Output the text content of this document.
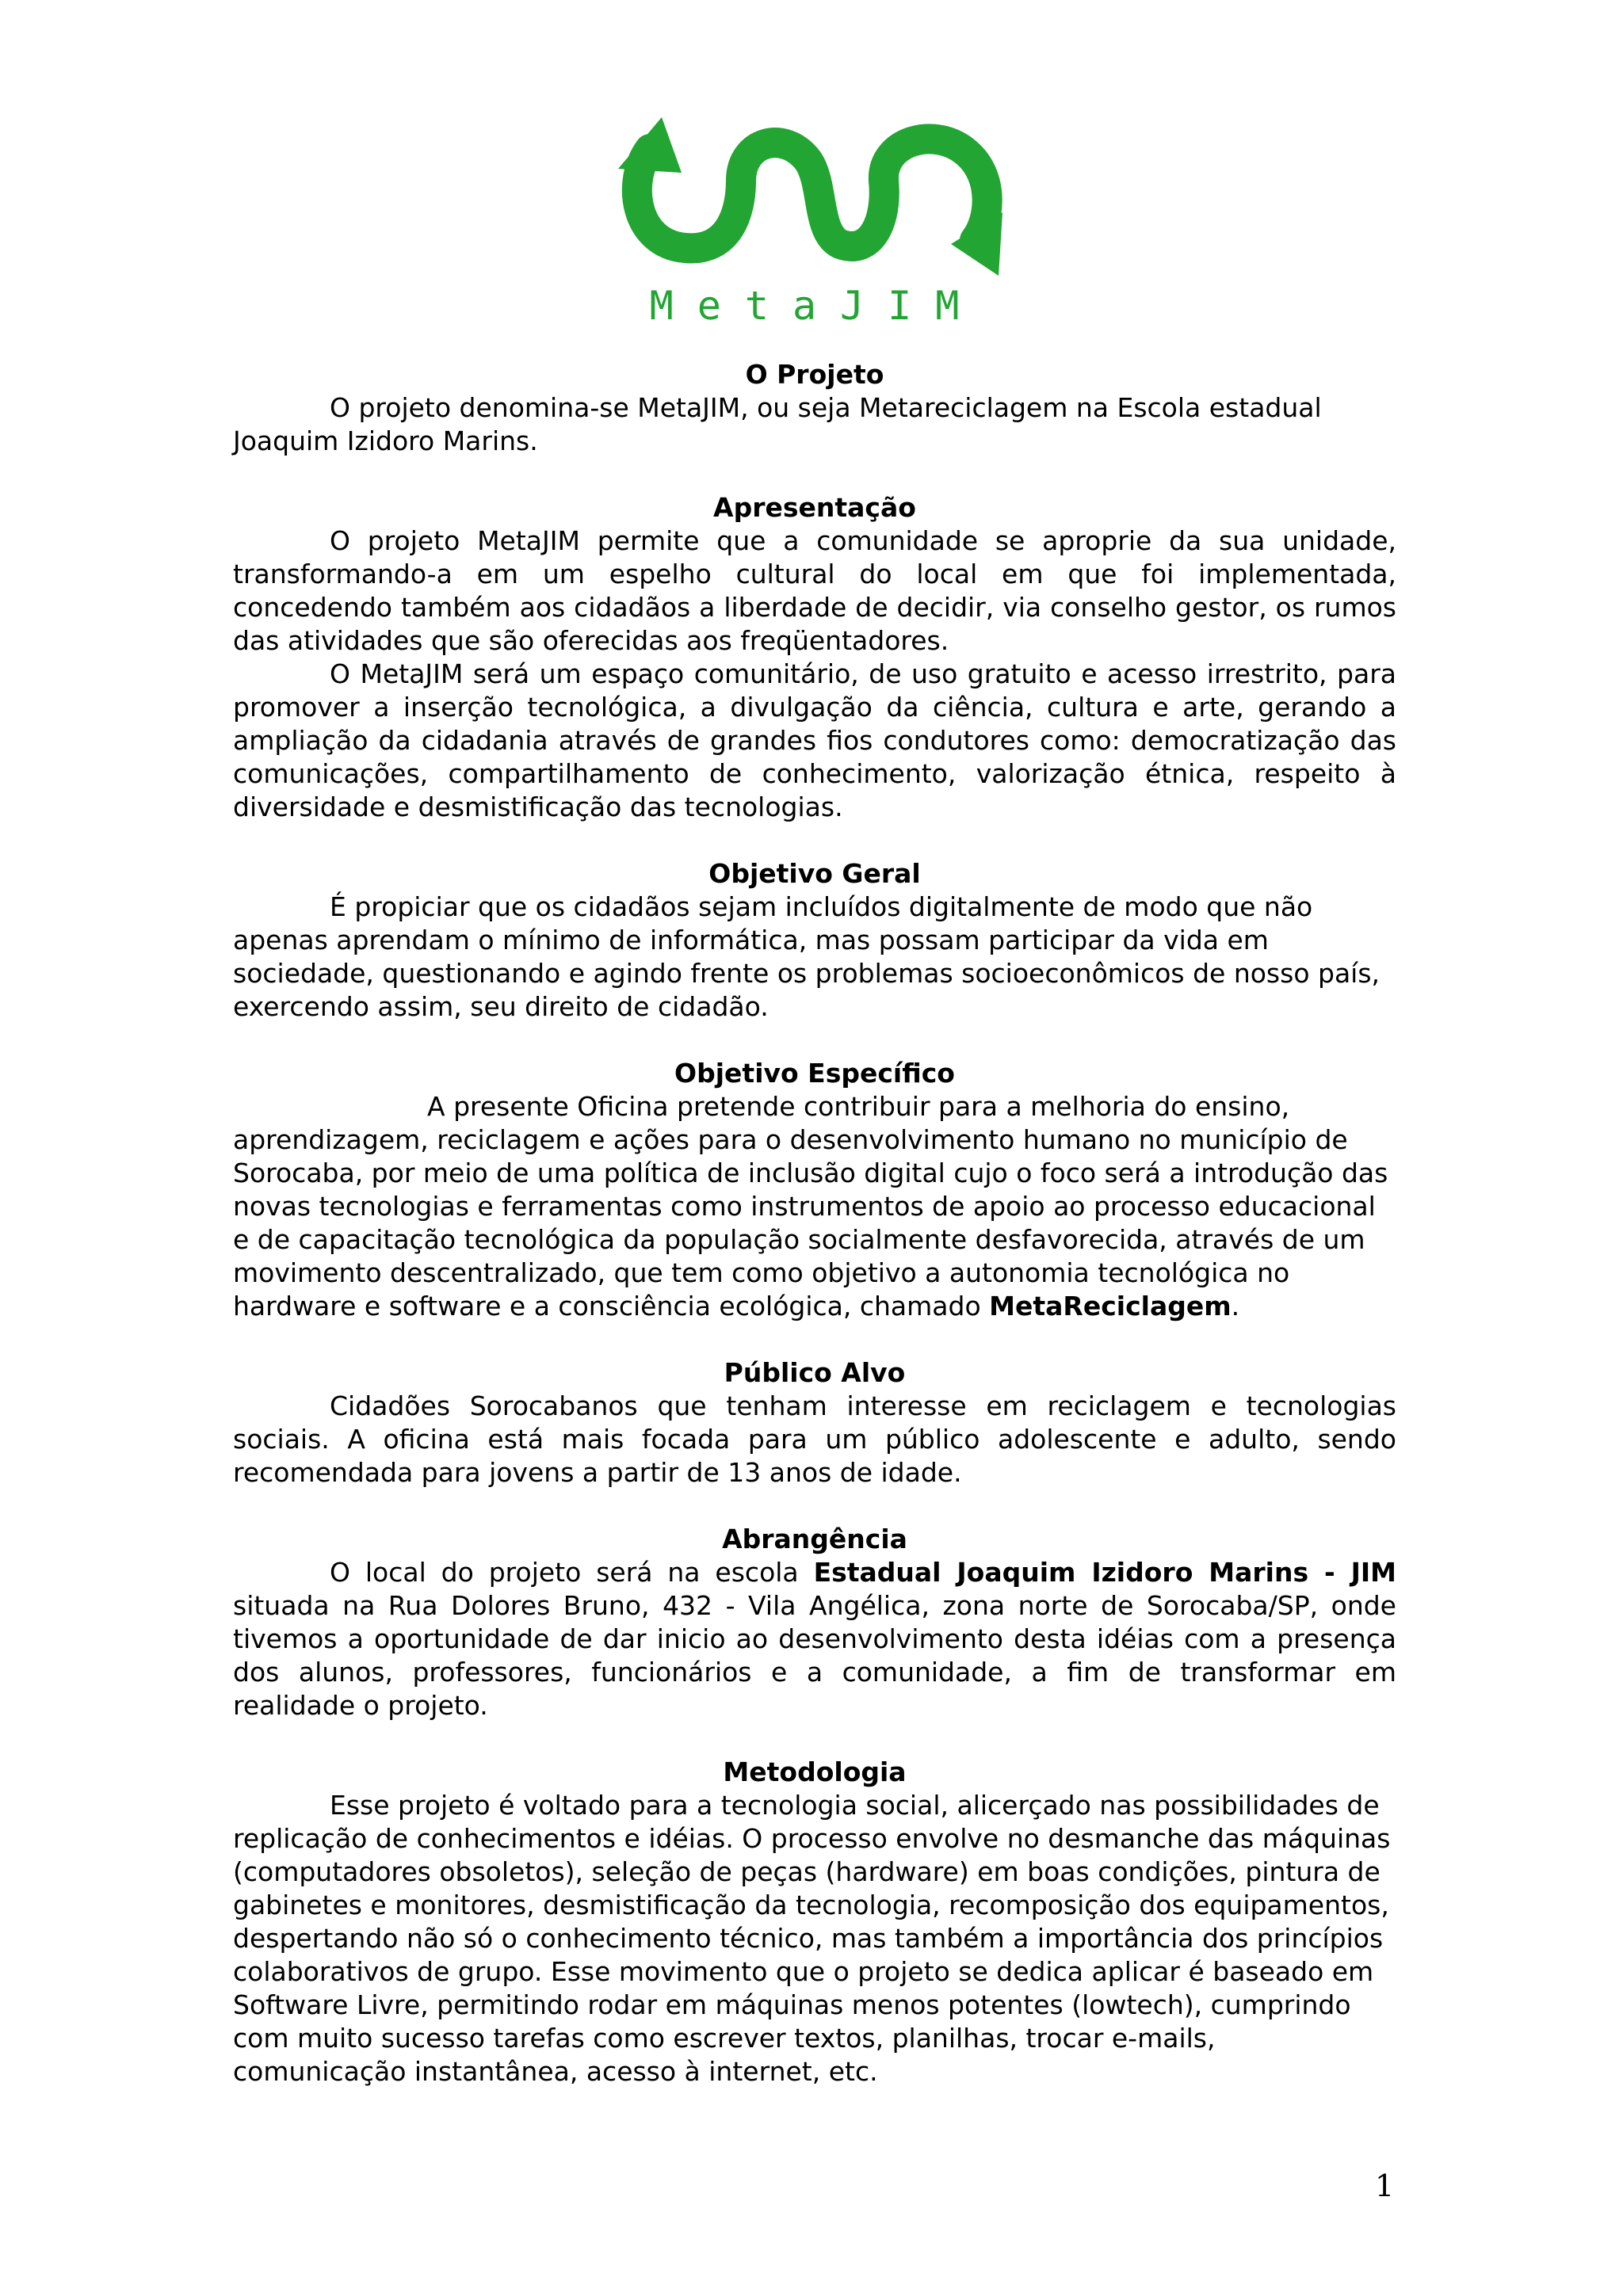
MetaJIM

O Projeto

O projeto denomina-se MetaJIM, ou seja Metareciclagem na Escola estadual Joaquim Izidoro Marins.

Apresentação

O projeto MetaJIM permite que a comunidade se aproprie da sua unidade, transformando-a em um espelho cultural do local em que foi implementada, concedendo também aos cidadãos a liberdade de decidir, via conselho gestor, os rumos das atividades que são oferecidas aos freqüentadores.

O MetaJIM será um espaço comunitário, de uso gratuito e acesso irrestrito, para promover a inserção tecnológica, a divulgação da ciência, cultura e arte, gerando a ampliação da cidadania através de grandes fios condutores como: democratização das comunicações, compartilhamento de conhecimento, valorização étnica, respeito à diversidade e desmistificação das tecnologias.

Objetivo Geral

É propiciar que os cidadãos sejam incluídos digitalmente de modo que não apenas aprendam o mínimo de informática, mas possam participar da vida em sociedade, questionando e agindo frente os problemas socioeconômicos de nosso país, exercendo assim, seu direito de cidadão.

Objetivo Específico

A presente Oficina pretende contribuir para a melhoria do ensino, aprendizagem, reciclagem e ações para o desenvolvimento humano no município de Sorocaba, por meio de uma política de inclusão digital cujo o foco será a introdução das novas tecnologias e ferramentas como instrumentos de apoio ao processo educacional e de capacitação tecnológica da população socialmente desfavorecida, através de um movimento descentralizado, que tem como objetivo a autonomia tecnológica no hardware e software e a consciência ecológica, chamado MetaReciclagem.

Público Alvo

Cidadões Sorocabanos que tenham interesse em reciclagem e tecnologias sociais. A oficina está mais focada para um público adolescente e adulto, sendo recomendada para jovens a partir de 13 anos de idade.

Abrangência

O local do projeto será na escola Estadual Joaquim Izidoro Marins - JIM situada na Rua Dolores Bruno, 432 - Vila Angélica, zona norte de Sorocaba/SP, onde tivemos a oportunidade de dar inicio ao desenvolvimento desta idéias com a presença dos alunos, professores, funcionários e a comunidade, a fim de transformar em realidade o projeto.

Metodologia

Esse projeto é voltado para a tecnologia social, alicerçado nas possibilidades de replicação de conhecimentos e idéias. O processo envolve no desmanche das máquinas (computadores obsoletos), seleção de peças (hardware) em boas condições, pintura de gabinetes e monitores, desmistificação da tecnologia, recomposição dos equipamentos, despertando não só o conhecimento técnico, mas também a importância dos princípios colaborativos de grupo. Esse movimento que o projeto se dedica aplicar é baseado em Software Livre, permitindo rodar em máquinas menos potentes (lowtech), cumprindo com muito sucesso tarefas como escrever textos, planilhas, trocar e-mails, comunicação instantânea, acesso à internet, etc.

1
